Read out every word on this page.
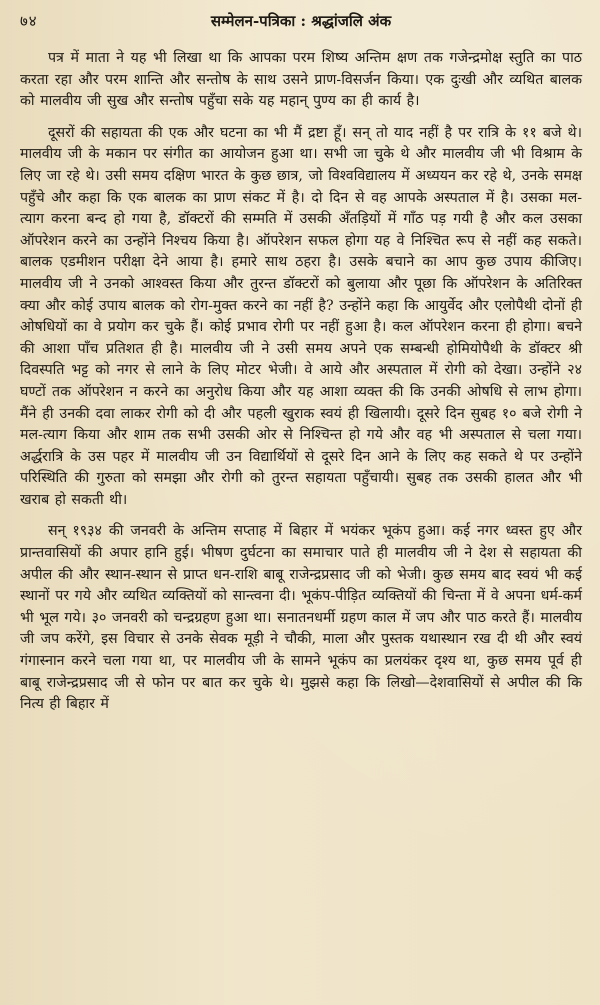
७४	सम्मेलन-पत्रिका : श्रद्धांजलि अंक

पत्र में माता ने यह भी लिखा था कि आपका परम शिष्य अन्तिम क्षण तक गजेन्द्रमोक्ष स्तुति का पाठ करता रहा और परम शान्ति और सन्तोष के साथ उसने प्राण-विसर्जन किया। एक दुःखी और व्यथित बालक को मालवीय जी सुख और सन्तोष पहुँचा सके यह महान् पुण्य का ही कार्य है।

दूसरों की सहायता की एक और घटना का भी मैं द्रष्टा हूँ। सन् तो याद नहीं है पर रात्रि के ११ बजे थे। मालवीय जी के मकान पर संगीत का आयोजन हुआ था। सभी जा चुके थे और मालवीय जी भी विश्राम के लिए जा रहे थे। उसी समय दक्षिण भारत के कुछ छात्र, जो विश्वविद्यालय में अध्ययन कर रहे थे, उनके समक्ष पहुँचे और कहा कि एक बालक का प्राण संकट में है। दो दिन से वह आपके अस्पताल में है। उसका मल-त्याग करना बन्द हो गया है, डॉक्टरों की सम्मति में उसकी अँतड़ियों में गाँठ पड़ गयी है और कल उसका ऑपरेशन करने का उन्होंने निश्चय किया है। ऑपरेशन सफल होगा यह वे निश्चित रूप से नहीं कह सकते। बालक एडमीशन परीक्षा देने आया है। हमारे साथ ठहरा है। उसके बचाने का आप कुछ उपाय कीजिए। मालवीय जी ने उनको आश्वस्त किया और तुरन्त डॉक्टरों को बुलाया और पूछा कि ऑपरेशन के अतिरिक्त क्या और कोई उपाय बालक को रोग-मुक्त करने का नहीं है? उन्होंने कहा कि आयुर्वेद और एलोपैथी दोनों ही ओषधियों का वे प्रयोग कर चुके हैं। कोई प्रभाव रोगी पर नहीं हुआ है। कल ऑपरेशन करना ही होगा। बचने की आशा पाँच प्रतिशत ही है। मालवीय जी ने उसी समय अपने एक सम्बन्धी होमियोपैथी के डॉक्टर श्री दिवस्पति भट्ट को नगर से लाने के लिए मोटर भेजी। वे आये और अस्पताल में रोगी को देखा। उन्होंने २४ घण्टों तक ऑपरेशन न करने का अनुरोध किया और यह आशा व्यक्त की कि उनकी ओषधि से लाभ होगा। मैंने ही उनकी दवा लाकर रोगी को दी और पहली खुराक स्वयं ही खिलायी। दूसरे दिन सुबह १० बजे रोगी ने मल-त्याग किया और शाम तक सभी उसकी ओर से निश्चिन्त हो गये और वह भी अस्पताल से चला गया। अर्द्धरात्रि के उस पहर में मालवीय जी उन विद्यार्थियों से दूसरे दिन आने के लिए कह सकते थे पर उन्होंने परिस्थिति की गुरुता को समझा और रोगी को तुरन्त सहायता पहुँचायी। सुबह तक उसकी हालत और भी खराब हो सकती थी।

सन् १९३४ की जनवरी के अन्तिम सप्ताह में बिहार में भयंकर भूकंप हुआ। कई नगर ध्वस्त हुए और प्रान्तवासियों की अपार हानि हुई। भीषण दुर्घटना का समाचार पाते ही मालवीय जी ने देश से सहायता की अपील की और स्थान-स्थान से प्राप्त धन-राशि बाबू राजेन्द्रप्रसाद जी को भेजी। कुछ समय बाद स्वयं भी कई स्थानों पर गये और व्यथित व्यक्तियों को सान्त्वना दी। भूकंप-पीड़ित व्यक्तियों की चिन्ता में वे अपना धर्म-कर्म भी भूल गये। ३० जनवरी को चन्द्रग्रहण हुआ था। सनातनधर्मी ग्रहण काल में जप और पाठ करते हैं। मालवीय जी जप करेंगे, इस विचार से उनके सेवक मूड़ी ने चौकी, माला और पुस्तक यथास्थान रख दी थी और स्वयं गंगास्नान करने चला गया था, पर मालवीय जी के सामने भूकंप का प्रलयंकर दृश्य था, कुछ समय पूर्व ही बाबू राजेन्द्रप्रसाद जी से फोन पर बात कर चुके थे। मुझसे कहा कि लिखो—देशवासियों से अपील की कि नित्य ही बिहार में
